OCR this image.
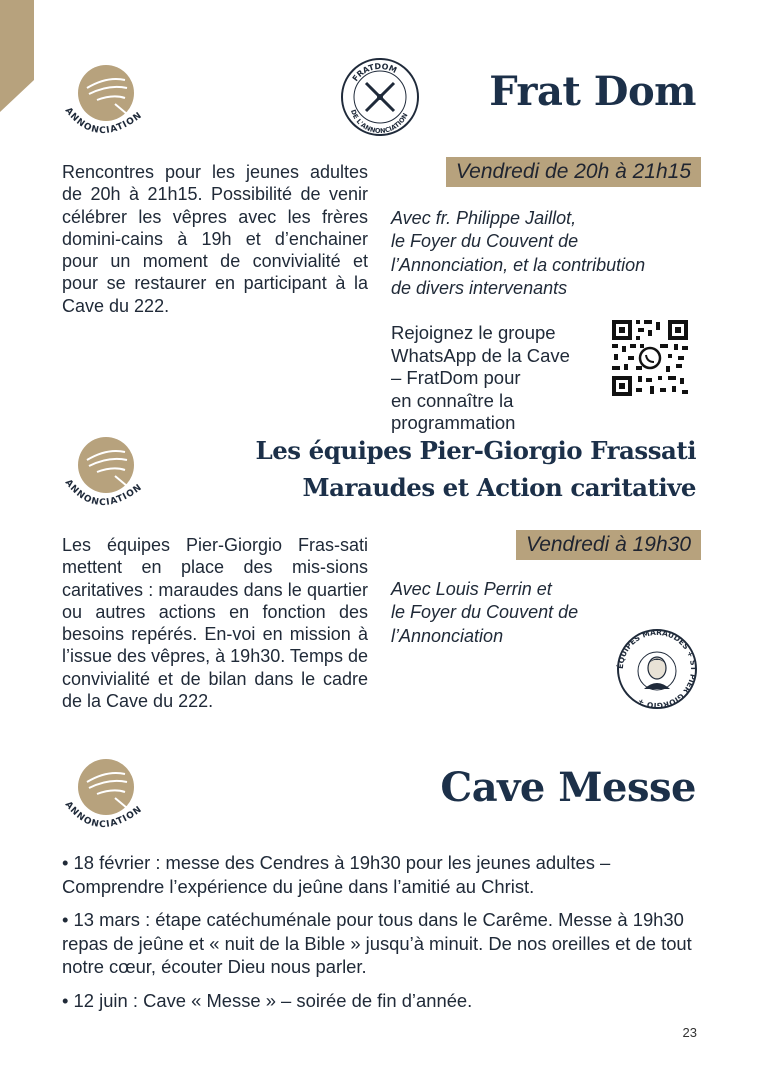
ANNONCIATION
FRATDOM
DE L'ANNONCIATION
Frat Dom
Vendredi de 20h à 21h15

Rencontres pour les jeunes adultes de 20h à 21h15. Possibilité de venir célébrer les vêpres avec les frères domini-cains à 19h et d’enchainer pour un moment de convivialité et pour se restaurer en participant à la Cave du 222.

Avec fr. Philippe Jaillot,
le Foyer du Couvent de
l’Annonciation, et la contribution
de divers intervenants
Rejoignez le groupe
WhatsApp de la Cave
– FratDom pour
en connaître la
programmation
ANNONCIATION
Les équipes Pier-Giorgio Frassati
Maraudes et Action caritative
Vendredi à 19h30

Les équipes Pier-Giorgio Fras-sati mettent en place des mis-sions caritatives : maraudes dans le quartier ou autres actions en fonction des besoins repérés. En-voi en mission à l’issue des vêpres, à 19h30. Temps de convivialité et de bilan dans le cadre de la Cave du 222.

Avec Louis Perrin et
le Foyer du Couvent de
l’Annonciation
ÉQUIPES MARAUDES + ST PIER GIORGIO +
ANNONCIATION	Cave Messe

• 18 février : messe des Cendres à 19h30 pour les jeunes adultes – Comprendre l’expérience du jeûne dans l’amitié au Christ.

• 13 mars : étape catéchuménale pour tous dans le Carême. Messe à 19h30 repas de jeûne et « nuit de la Bible » jusqu’à minuit. De nos oreilles et de tout notre cœur, écouter Dieu nous parler.

• 12 juin : Cave « Messe » – soirée de fin d’année.

23
